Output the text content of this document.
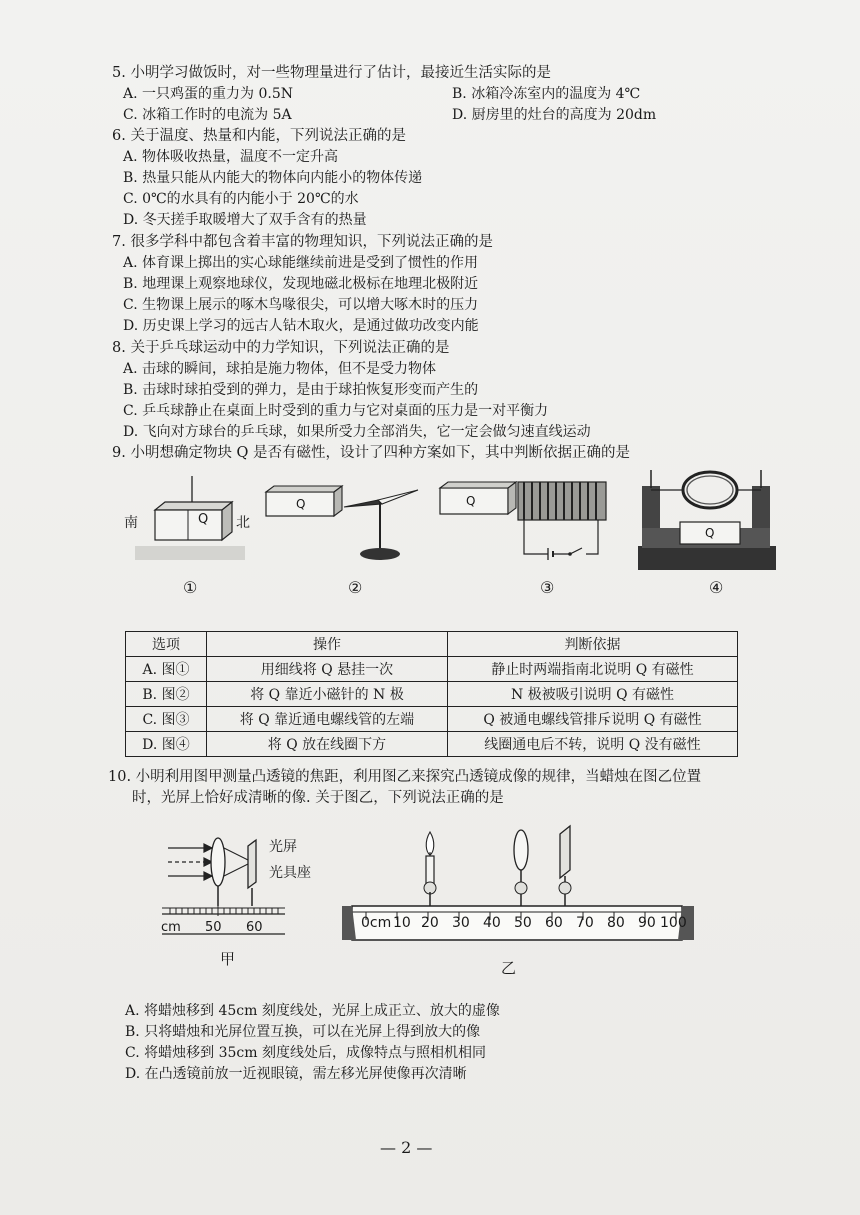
5. 小明学习做饭时，对一些物理量进行了估计，最接近生活实际的是
A. 一只鸡蛋的重力为 0.5N	B. 冰箱冷冻室内的温度为 4℃
C. 冰箱工作时的电流为 5A	D. 厨房里的灶台的高度为 20dm
6. 关于温度、热量和内能，下列说法正确的是
A. 物体吸收热量，温度不一定升高
B. 热量只能从内能大的物体向内能小的物体传递
C. 0℃的水具有的内能小于 20℃的水
D. 冬天搓手取暖增大了双手含有的热量
7. 很多学科中都包含着丰富的物理知识，下列说法正确的是
A. 体育课上掷出的实心球能继续前进是受到了惯性的作用
B. 地理课上观察地球仪，发现地磁北极标在地理北极附近
C. 生物课上展示的啄木鸟喙很尖，可以增大啄木时的压力
D. 历史课上学习的远古人钻木取火，是通过做功改变内能
8. 关于乒乓球运动中的力学知识，下列说法正确的是
A. 击球的瞬间，球拍是施力物体，但不是受力物体
B. 击球时球拍受到的弹力，是由于球拍恢复形变而产生的
C. 乒乓球静止在桌面上时受到的重力与它对桌面的压力是一对平衡力
D. 飞向对方球台的乒乓球，如果所受力全部消失，它一定会做匀速直线运动
9. 小明想确定物块 Q 是否有磁性，设计了四种方案如下，其中判断依据正确的是
南	北
Q
Q	Q
Q
①	②	③	④
选项	操作	判断依据
A. 图①	用细线将 Q 悬挂一次	静止时两端指南北说明 Q 有磁性
B. 图②	将 Q 靠近小磁针的 N 极	N 极被吸引说明 Q 有磁性
C. 图③	将 Q 靠近通电螺线管的左端	Q 被通电螺线管排斥说明 Q 有磁性
D. 图④	将 Q 放在线圈下方	线圈通电后不转，说明 Q 没有磁性
10. 小明利用图甲测量凸透镜的焦距，利用图乙来探究凸透镜成像的规律，当蜡烛在图乙位置
时，光屏上恰好成清晰的像. 关于图乙，下列说法正确的是
光屏
光具座
cm 50 60
甲
0cm 10 20 30 40 50 60 70 80 90 100
乙
A. 将蜡烛移到 45cm 刻度线处，光屏上成正立、放大的虚像
B. 只将蜡烛和光屏位置互换，可以在光屏上得到放大的像
C. 将蜡烛移到 35cm 刻度线处后，成像特点与照相机相同
D. 在凸透镜前放一近视眼镜，需左移光屏使像再次清晰
— 2 —
